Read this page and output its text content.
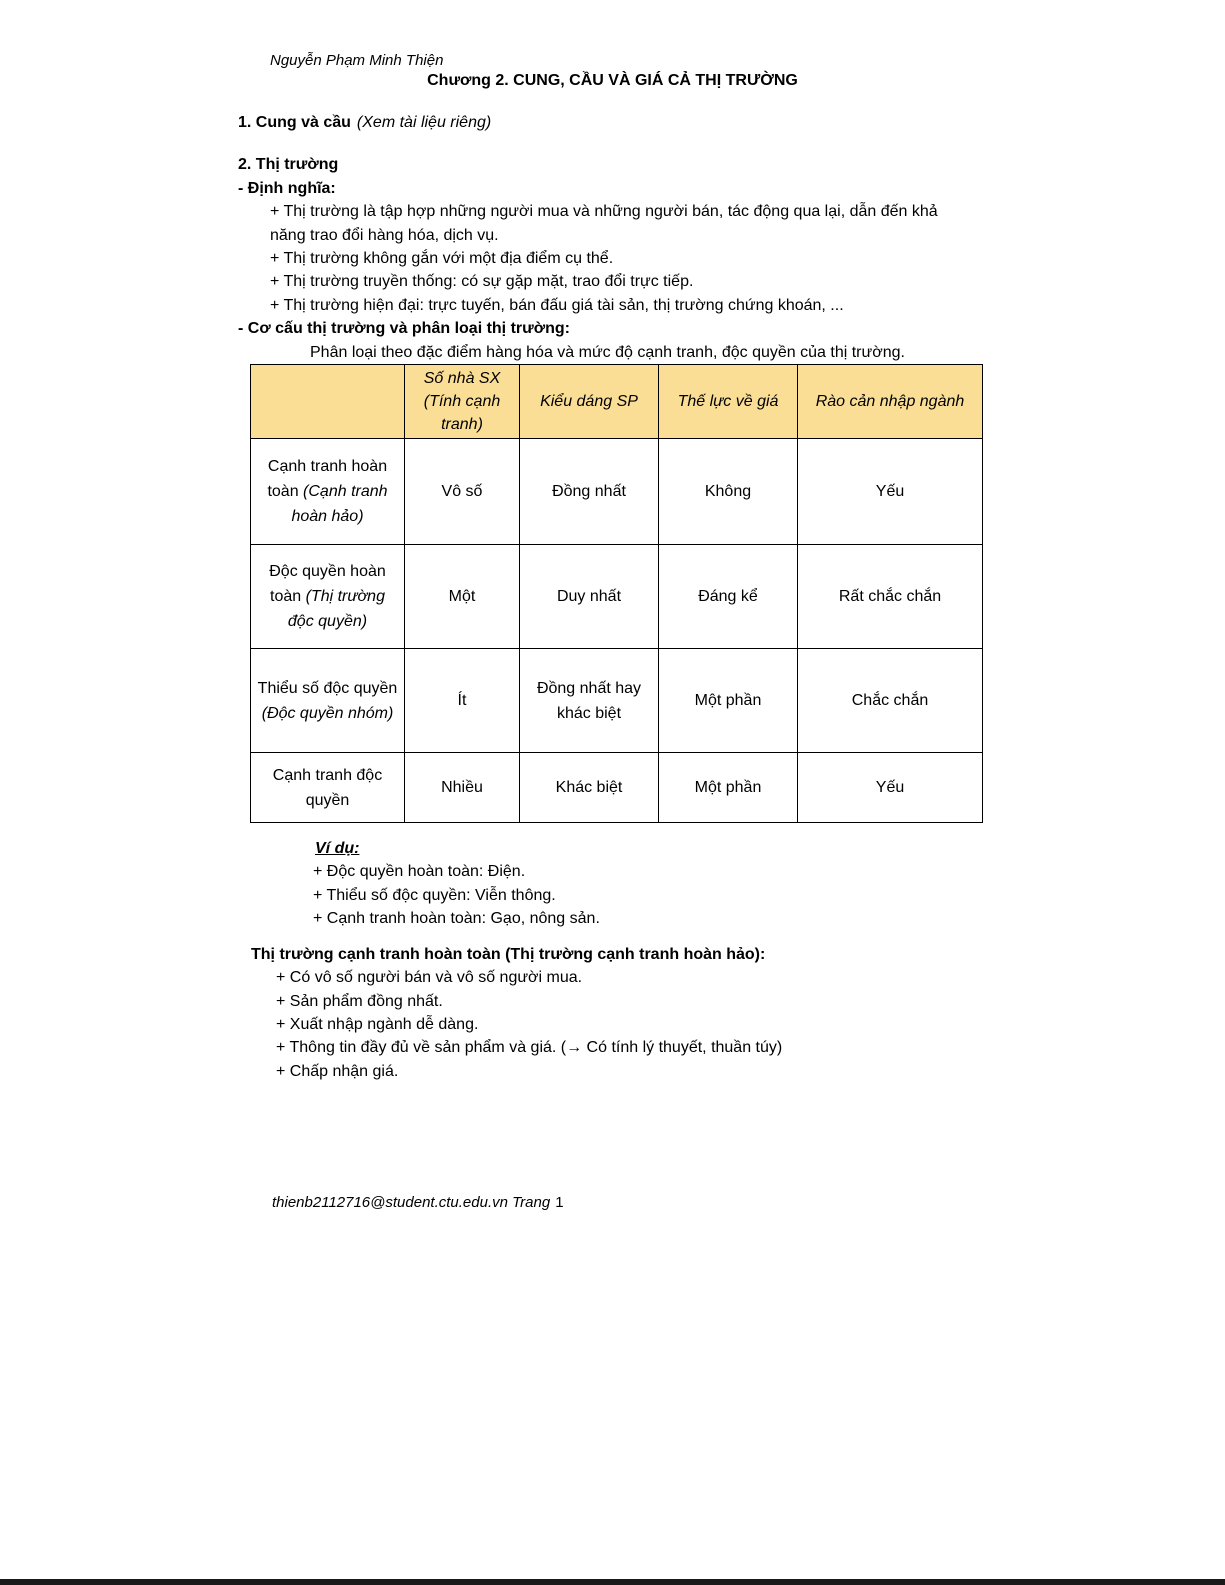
Nguyễn Phạm Minh Thiện

Chương 2. CUNG, CẦU VÀ GIÁ CẢ THỊ TRƯỜNG

1. Cung và cầu (Xem tài liệu riêng)

2. Thị trường

- Định nghĩa:

+ Thị trường là tập hợp những người mua và những người bán, tác động qua lại, dẫn đến khả năng trao đổi hàng hóa, dịch vụ.

+ Thị trường không gắn với một địa điểm cụ thể.

+ Thị trường truyền thống: có sự gặp mặt, trao đổi trực tiếp.

+ Thị trường hiện đại: trực tuyến, bán đấu giá tài sản, thị trường chứng khoán, ...

- Cơ cấu thị trường và phân loại thị trường:

Phân loại theo đặc điểm hàng hóa và mức độ cạnh tranh, độc quyền của thị trường.

	Số nhà SX (Tính cạnh tranh)	Kiểu dáng SP	Thế lực về giá	Rào cản nhập ngành
Cạnh tranh hoàn toàn (Cạnh tranh hoàn hảo)	Vô số	Đồng nhất	Không	Yếu
Độc quyền hoàn toàn (Thị trường độc quyền)	Một	Duy nhất	Đáng kể	Rất chắc chắn
Thiểu số độc quyền (Độc quyền nhóm)	Ít	Đồng nhất hay khác biệt	Một phần	Chắc chắn
Cạnh tranh độc quyền	Nhiều	Khác biệt	Một phần	Yếu

Ví dụ:

+ Độc quyền hoàn toàn: Điện.

+ Thiểu số độc quyền: Viễn thông.

+ Cạnh tranh hoàn toàn: Gạo, nông sản.

Thị trường cạnh tranh hoàn toàn (Thị trường cạnh tranh hoàn hảo):

+ Có vô số người bán và vô số người mua.

+ Sản phẩm đồng nhất.

+ Xuất nhập ngành dễ dàng.

+ Thông tin đầy đủ về sản phẩm và giá. (→ Có tính lý thuyết, thuần túy)

+ Chấp nhận giá.

thienb2112716@student.ctu.edu.vn Trang 1
